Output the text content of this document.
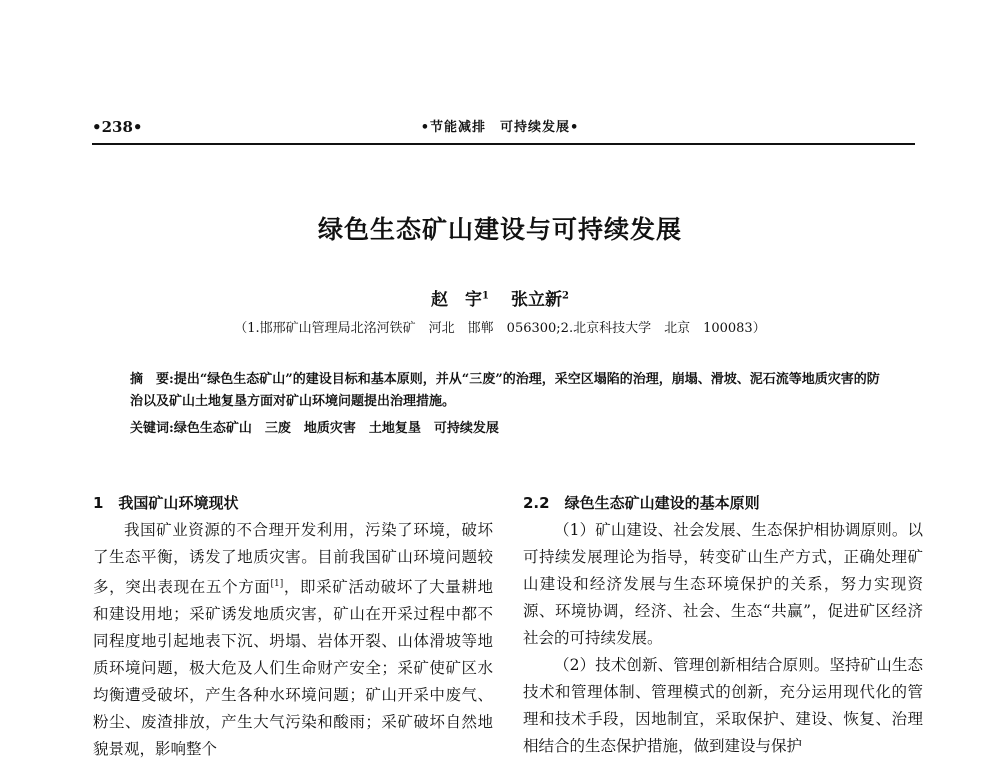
•238•	•节能减排　可持续发展•
绿色生态矿山建设与可持续发展
赵　宇$^1$ 张立新$^2$
（1.邯邢矿山管理局北洺河铁矿　河北　邯郸　056300;2.北京科技大学　北京　100083）
摘　要:提出“绿色生态矿山”的建设目标和基本原则，并从“三废”的治理，采空区塌陷的治理，崩塌、滑坡、泥石流等地质灾害的防治以及矿山土地复垦方面对矿山环境问题提出治理措施。
关键词:绿色生态矿山　三废　地质灾害　土地复垦　可持续发展
1　我国矿山环境现状

我国矿业资源的不合理开发利用，污染了环境，破坏了生态平衡，诱发了地质灾害。目前我国矿山环境问题较多，突出表现在五个方面[1]，即采矿活动破坏了大量耕地和建设用地；采矿诱发地质灾害，矿山在开采过程中都不同程度地引起地表下沉、坍塌、岩体开裂、山体滑坡等地质环境问题，极大危及人们生命财产安全；采矿使矿区水均衡遭受破坏，产生各种水环境问题；矿山开采中废气、粉尘、废渣排放，产生大气污染和酸雨；采矿破坏自然地貌景观，影响整个

2.2　绿色生态矿山建设的基本原则

（1）矿山建设、社会发展、生态保护相协调原则。以可持续发展理论为指导，转变矿山生产方式，正确处理矿山建设和经济发展与生态环境保护的关系，努力实现资源、环境协调，经济、社会、生态“共赢”，促进矿区经济社会的可持续发展。

（2）技术创新、管理创新相结合原则。坚持矿山生态技术和管理体制、管理模式的创新，充分运用现代化的管理和技术手段，因地制宜，采取保护、建设、恢复、治理相结合的生态保护措施，做到建设与保护
